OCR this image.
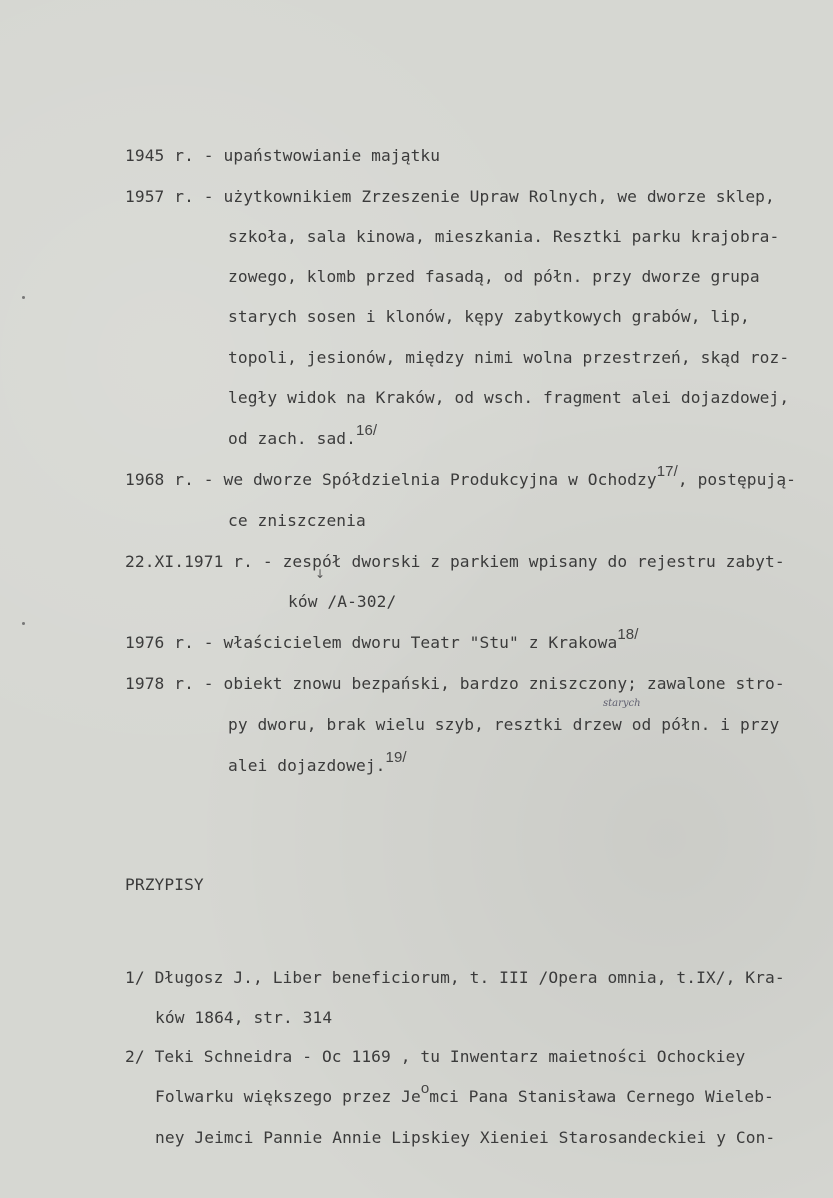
1945 r. - upaństwowianie majątku
1957 r. - użytkownikiem Zrzeszenie Upraw Rolnych, we dworze sklep,
szkoła, sala kinowa, mieszkania. Resztki parku krajobra-
zowego, klomb przed fasadą, od półn. przy dworze grupa
starych sosen i klonów, kępy zabytkowych grabów, lip,
topoli, jesionów, między nimi wolna przestrzeń, skąd roz-
legły widok na Kraków, od wsch. fragment alei dojazdowej,
od zach. sad.$^{16/}$
1968 r. - we dworze Spółdzielnia Produkcyjna w Ochodzy$^{17/}$, postępują-
ce zniszczenia
22.XI.1971 r. - zespół dworski z parkiem wpisany do rejestru zabyt-
↓
ków /A-302/
1976 r. - właścicielem dworu Teatr "Stu" z Krakowa$^{18/}$
1978 r. - obiekt znowu bezpański, bardzo zniszczony; zawalone stro-
starych
py dworu, brak wielu szyb, resztki drzew od półn. i przy
alei dojazdowej.$^{19/}$
PRZYPISY
1/ Długosz J., Liber beneficiorum, t. III /Opera omnia, t.IX/, Kra-
ków 1864, str. 314
2/ Teki Schneidra - Oc 1169 , tu Inwentarz maietności Ochockiey
Folwarku większego przez Je$^o$mci Pana Stanisława Cernego Wieleb-
ney Jeimci Pannie Annie Lipskiey Xieniei Starosandeckiei y Con-
